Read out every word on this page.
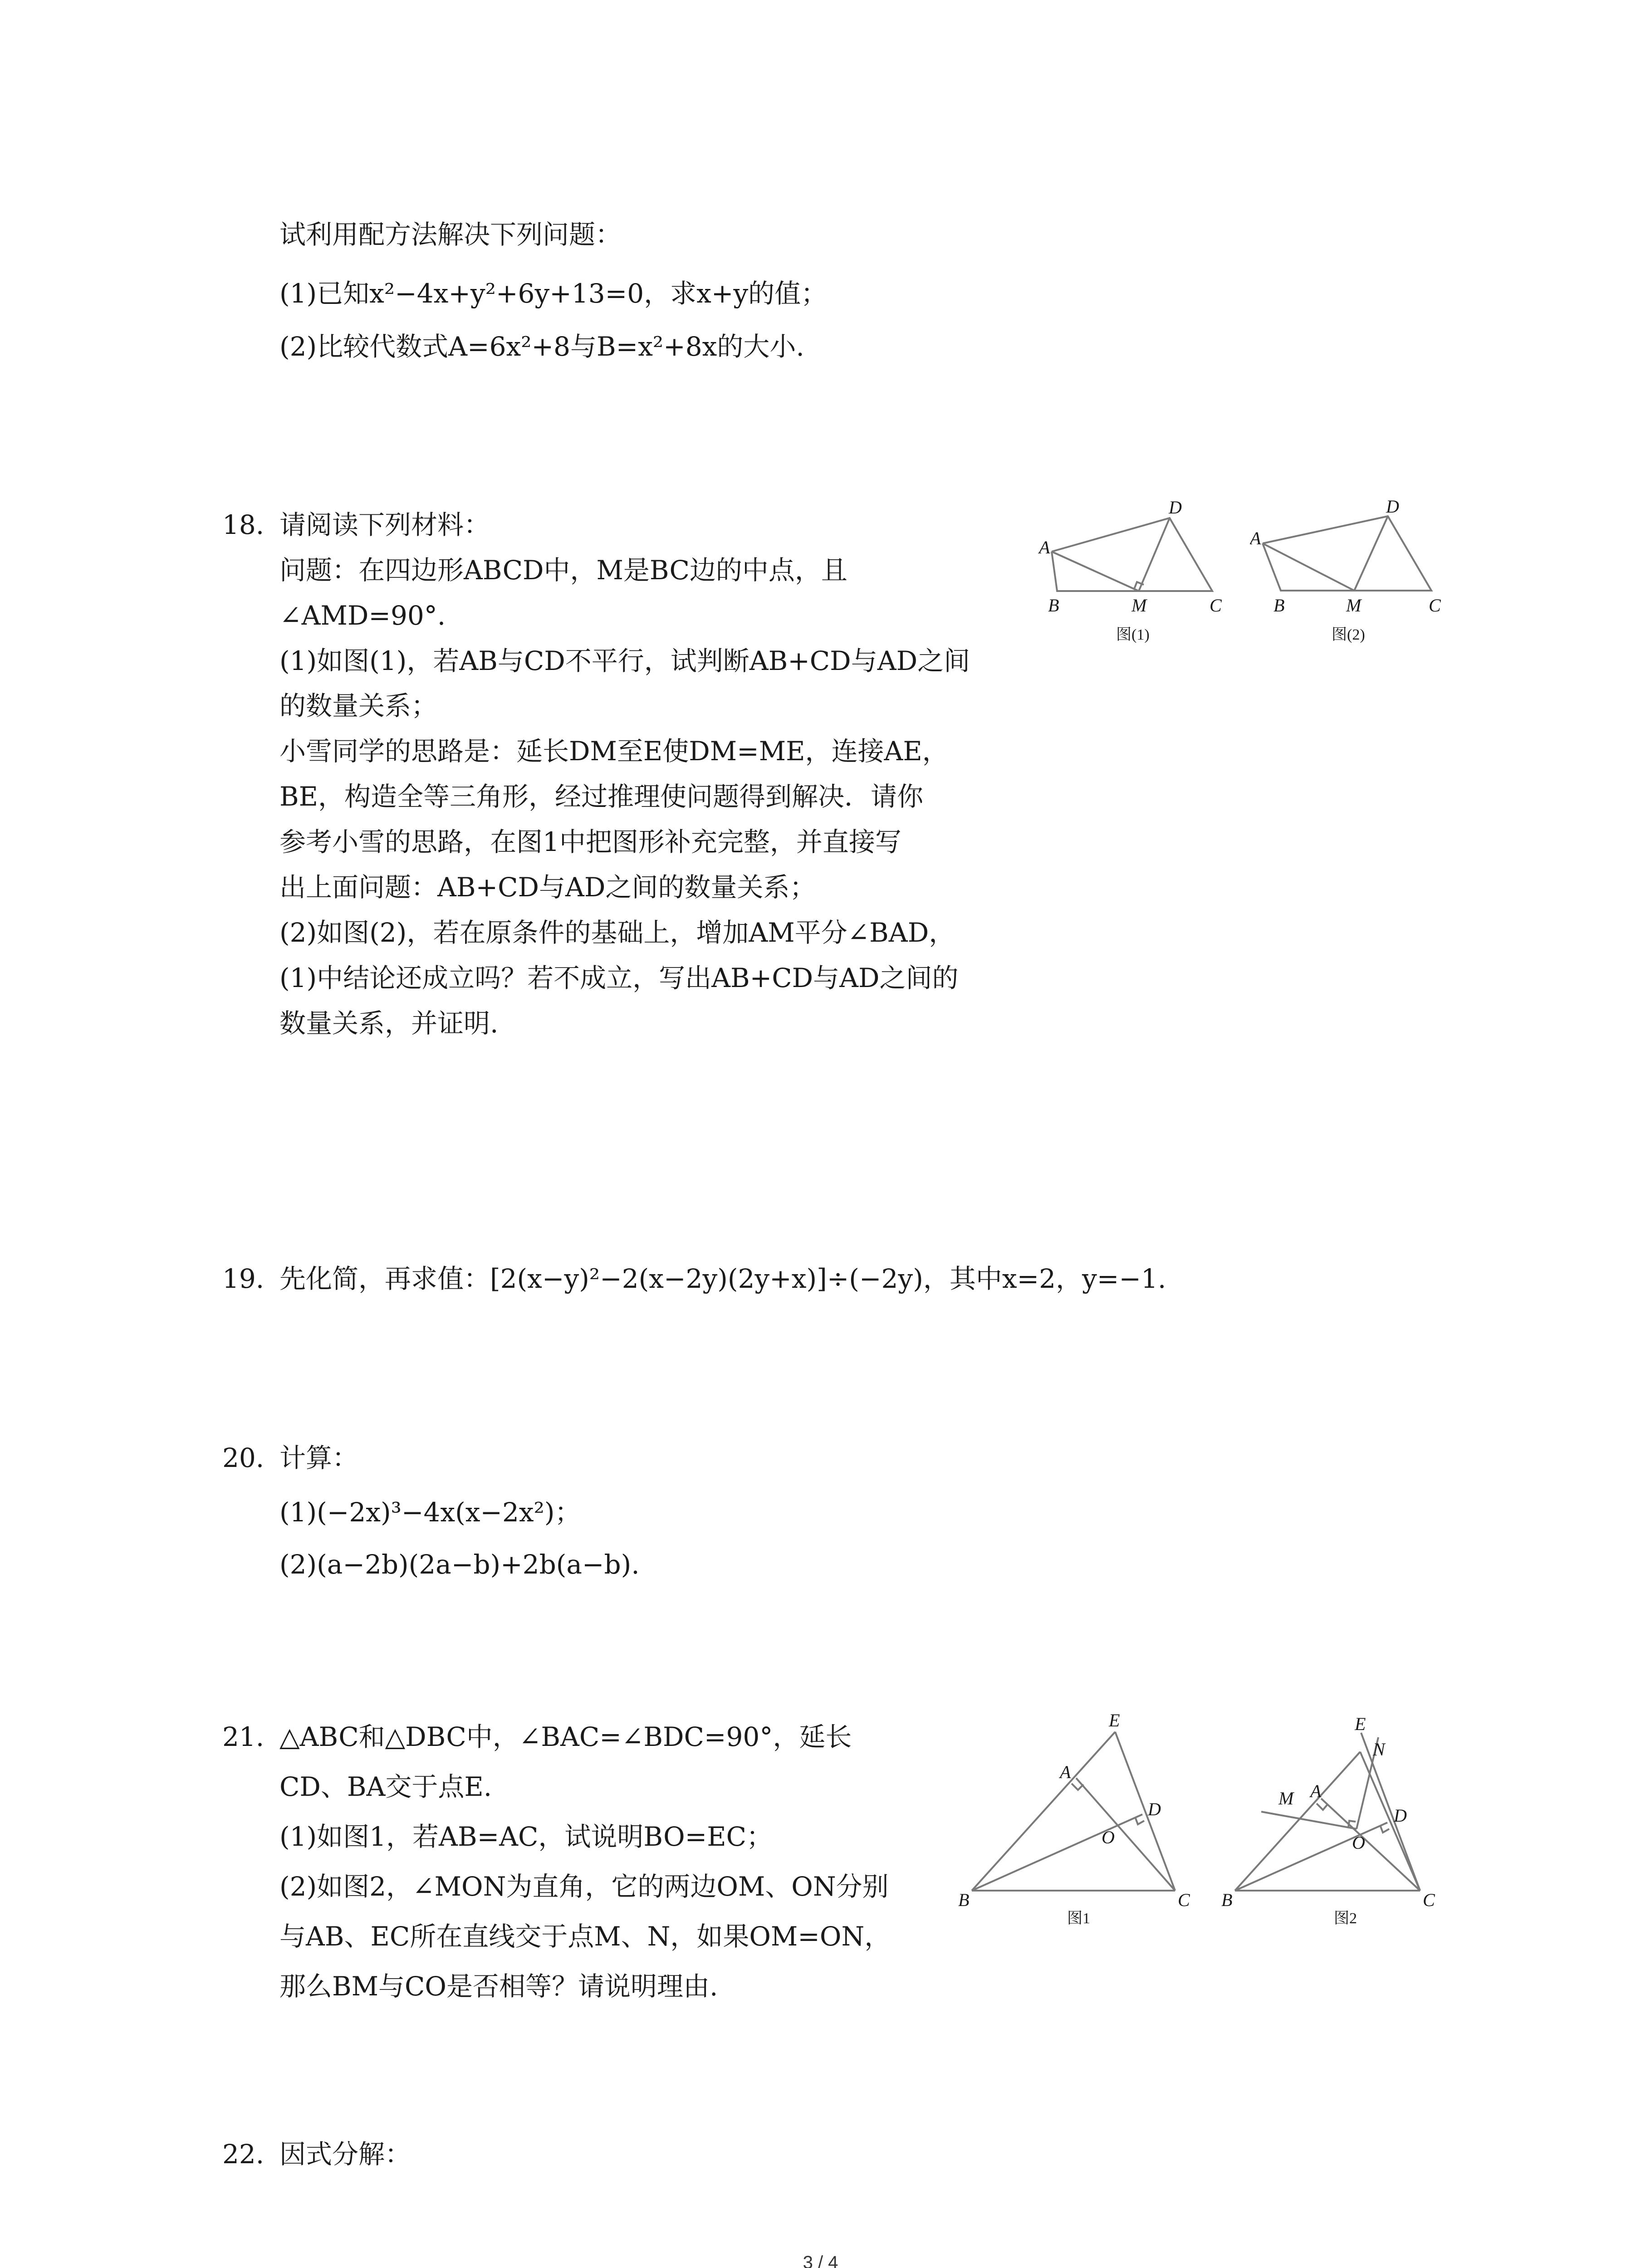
试利用配方法解决下列问题：
(1)已知x²−4x+y²+6y+13=0，求x+y的值；
(2)比较代数式A=6x²+8与B=x²+8x的大小.
18. 请阅读下列材料：
问题：在四边形ABCD中，M是BC边的中点，且
∠AMD=90°.
(1)如图(1)，若AB与CD不平行，试判断AB+CD与AD之间
的数量关系；
小雪同学的思路是：延长DM至E使DM=ME，连接AE，
BE，构造全等三角形，经过推理使问题得到解决．请你
参考小雪的思路，在图1中把图形补充完整，并直接写
出上面问题：AB+CD与AD之间的数量关系；
(2)如图(2)，若在原条件的基础上，增加AM平分∠BAD，
(1)中结论还成立吗？若不成立，写出AB+CD与AD之间的
数量关系，并证明.
A
B	M	C
D
图(1)
A
B	M	C
D
图(2)
19. 先化简，再求值：[2(x−y)²−2(x−2y)(2y+x)]÷(−2y)，其中x=2，y=−1.
20. 计算：
(1)(−2x)³−4x(x−2x²)；
(2)(a−2b)(2a−b)+2b(a−b).
21. △ABC和△DBC中，∠BAC=∠BDC=90°，延长
CD、BA交于点E.
(1)如图1，若AB=AC，试说明BO=EC；
(2)如图2，∠MON为直角，它的两边OM、ON分别
与AB、EC所在直线交于点M、N，如果OM=ON，
那么BM与CO是否相等？请说明理由.
E
A
D
O
B	C
图1
E
N
M A
D
O
B	C
图2
22. 因式分解：
3 / 4
